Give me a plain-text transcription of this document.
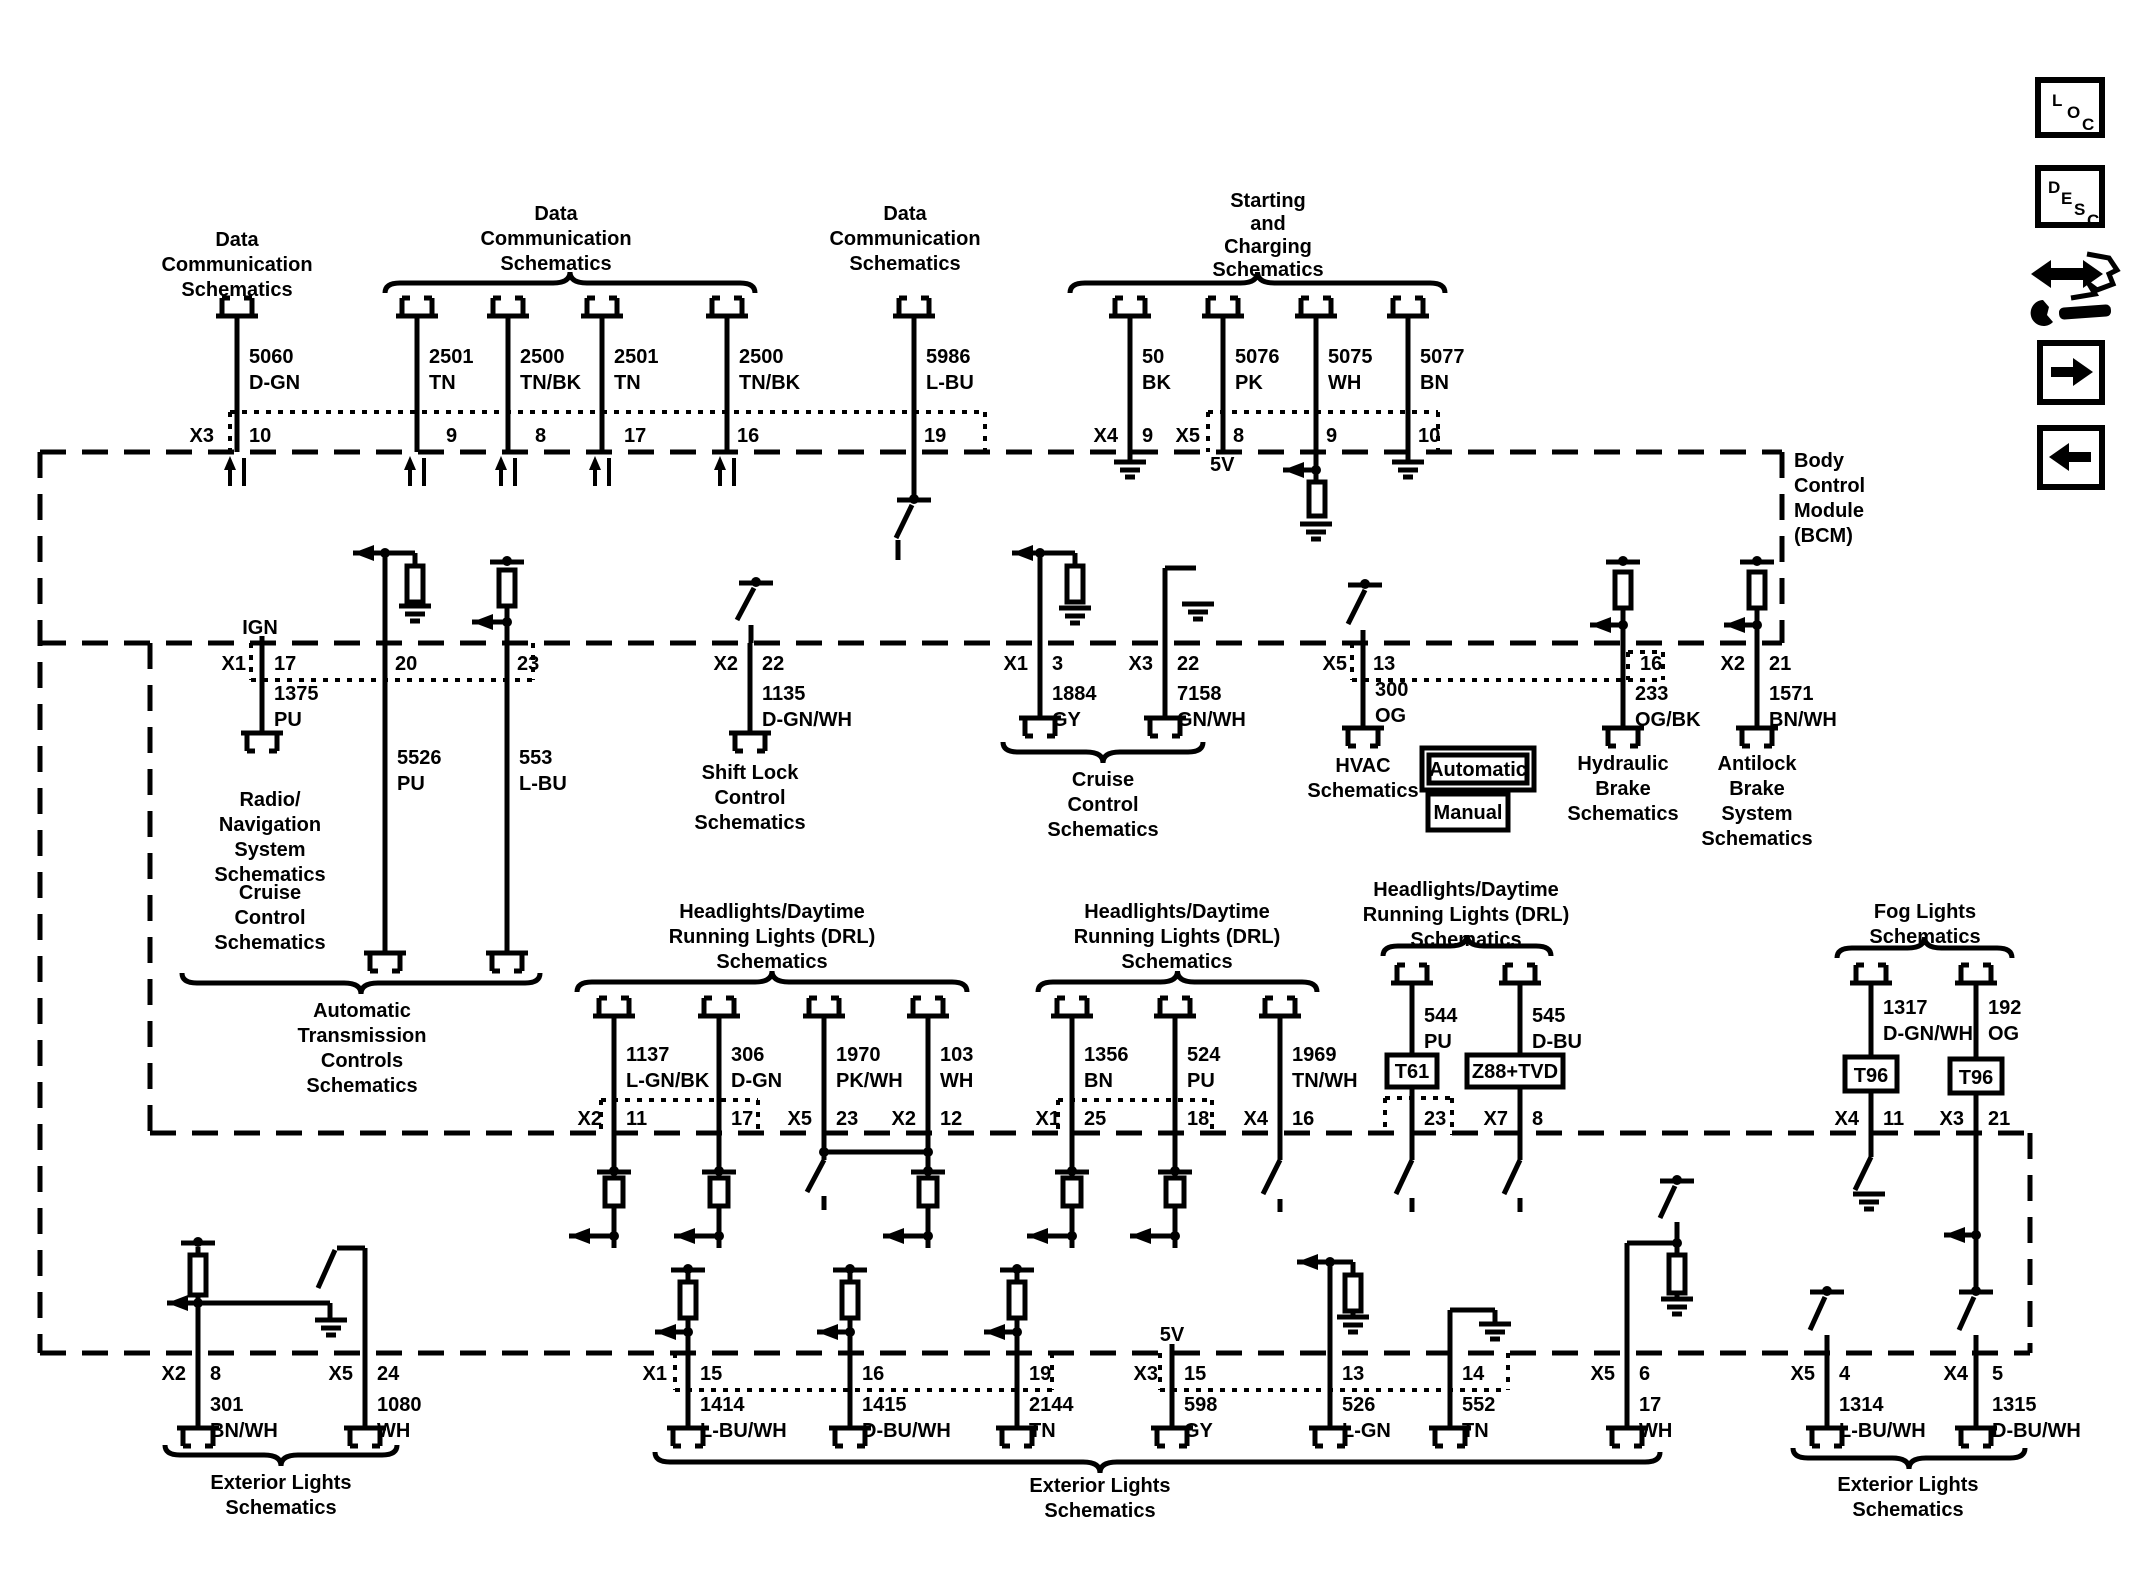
Data
Communication
Schematics
Data
Communication
Schematics
Data
Communication
Schematics
Starting
and
Charging
Schematics
Body
Control
Module
(BCM)
IGN
Radio/
Navigation
System
Schematics
Cruise
Control
Schematics
Shift Lock
Control
Schematics
Automatic
Transmission
Controls
Schematics
Cruise
Control
Schematics
HVAC
Schematics
Hydraulic
Brake
Schematics
Antilock
Brake
System
Schematics
Headlights/Daytime
Running Lights (DRL)
Schematics
Headlights/Daytime
Running Lights (DRL)
Schematics
Headlights/Daytime
Running Lights (DRL)
Schematics
Fog Lights
Schematics
Exterior Lights
Schematics
Exterior Lights
Schematics
Exterior Lights
Schematics
5060
D-GN
2501
TN
2500
TN/BK
2501
TN
2500
TN/BK
5986
L-BU
50
BK
5076
PK
5075
WH
5077
BN
1375
PU
5526
PU
553
L-BU
1135
D-GN/WH
1884
GY
7158
GN/WH
300
OG
233
OG/BK
1571
BN/WH
1137
L-GN/BK
306
D-GN
1970
PK/WH
103
WH
1356
BN
524
PU
1969
TN/WH
544
PU
545
D-BU
1317
D-GN/WH
192
OG
301
BN/WH
1080
WH
1414
L-BU/WH
1415
D-BU/WH
2144
TN
598
GY
526
L-GN
552
TN
17
WH
1314
L-BU/WH
1315
D-BU/WH
X3 10	9	8	17	16	19	X4 9 X5 8	9	10
X1 17	20	23	X2 22	X1 3	X3 22	X5 13	16	X2 21
X2 11	17 X5 23 X2 12	X1 25	18 X4 16	23 X7 8	X4 11 X3 21
X2 8	X5 24	X1 15	16	19	X3 15	13	14	X5 6	X5 4	X4 5
5V
5V
Automatic
Manual
T61 Z88+TVD	T96	T96
L
O
C
D
E
S
C
